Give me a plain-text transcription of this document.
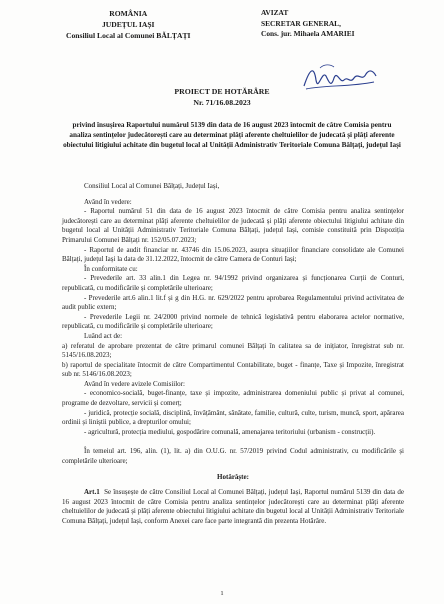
ROMÂNIA
JUDEȚUL IAȘI
Consiliul Local al Comunei BĂLȚAȚI
AVIZAT
SECRETAR GENERAL,
Cons. jur. Mihaela AMARIEI
PROIECT DE HOTĂRÂRE
Nr. 71/16.08.2023
privind însușirea Raportului numărul 5139 din data de 16 august 2023 întocmit de către Comisia pentru analiza sentințelor judecătorești care au determinat plăți aferente cheltuielilor de judecată și plăți aferente obiectului litigiului achitate din bugetul local al Unității Administrativ Teritoriale Comuna Bălțați, județul Iași

Consiliul Local al Comunei Bălțați, Județul Iași,

Având în vedere:

- Raportul numărul 51 din data de 16 august 2023 întocmit de către Comisia pentru analiza sentințelor judecătorești care au determinat plăți aferente cheltuielilor de judecată și plăți aferente obiectului litigiului achitate din bugetul local al Unității Administrativ Teritoriale Comuna Bălțați, județul Iași, comisie constituită prin Dispoziția Primarului Comunei Bălțați nr. 152/05.07.2023;

- Raportul de audit financiar nr. 43746 din 15.06.2023, asupra situațiilor financiare consolidate ale Comunei Bălțați, județul Iași la data de 31.12.2022, întocmit de către Camera de Conturi Iași;

În conformitate cu:

- Prevederile art. 33 alin.1 din Legea nr. 94/1992 privind organizarea și funcționarea Curții de Conturi, republicată, cu modificările și completările ulterioare;

- Prevederile art.6 alin.1 lit.f și g din H.G. nr. 629/2022 pentru aprobarea Regulamentului privind activitatea de audit public extern;

- Prevederile Legii nr. 24/2000 privind normele de tehnică legislativă pentru elaborarea actelor normative, republicată, cu modificările și completările ulterioare;

Luând act de:

a) referatul de aprobare prezentat de către primarul comunei Bălțați în calitatea sa de inițiator, înregistrat sub nr. 5145/16.08.2023;

b) raportul de specialitate întocmit de către Compartimentul Contabilitate, buget - finanțe, Taxe și Impozite, înregistrat sub nr. 5146/16.08.2023;

Având în vedere avizele Comisiilor:

- economico-socială, buget-finanțe, taxe și impozite, administrarea domeniului public și privat al comunei, programe de dezvoltare, servicii și comerț;

- juridică, protecție socială, disciplină, învățământ, sănătate, familie, cultură, culte, turism, muncă, sport, apărarea ordinii și liniștii publice, a drepturilor omului;

- agricultură, protecția mediului, gospodărire comunală, amenajarea teritoriului (urbanism - construcții).

În temeiul art. 196, alin. (1), lit. a) din O.U.G. nr. 57/2019 privind Codul administrativ, cu modificările și completările ulterioare;

Hotărăște:

Art.1 Se însușește de către Consiliul Local al Comunei Bălțați, județul Iași, Raportul numărul 5139 din data de 16 august 2023 întocmit de către Comisia pentru analiza sentințelor judecătorești care au determinat plăți aferente cheltuielilor de judecată și plăți aferente obiectului litigiului achitate din bugetul local al Unității Administrativ Teritoriale Comuna Bălțați, județul Iași, conform Anexei care face parte integrantă din prezenta Hotărâre.

1
